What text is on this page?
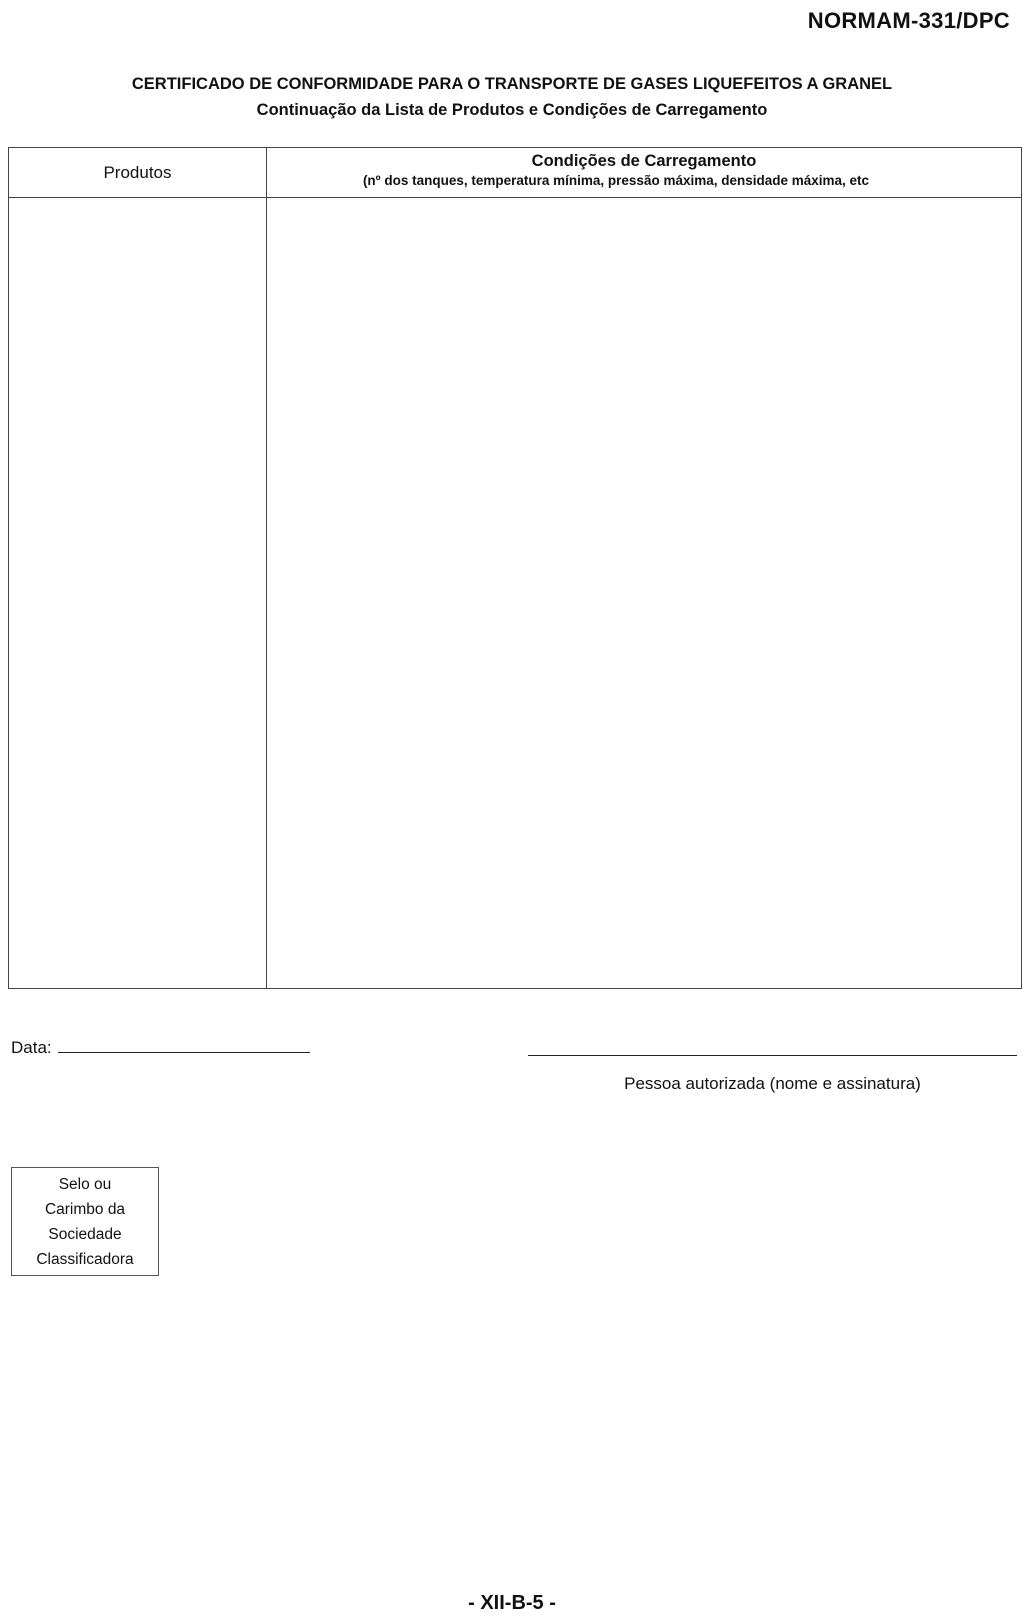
NORMAM-331/DPC
CERTIFICADO DE CONFORMIDADE PARA O TRANSPORTE DE GASES LIQUEFEITOS A GRANEL
Continuação da Lista de Produtos e Condições de Carregamento
Produtos
Condições de Carregamento
(nº dos tanques, temperatura mínima, pressão máxima, densidade máxima, etc
Data:
Pessoa autorizada (nome e assinatura)
Selo ou
Carimbo da
Sociedade
Classificadora
- XII-B-5 -
